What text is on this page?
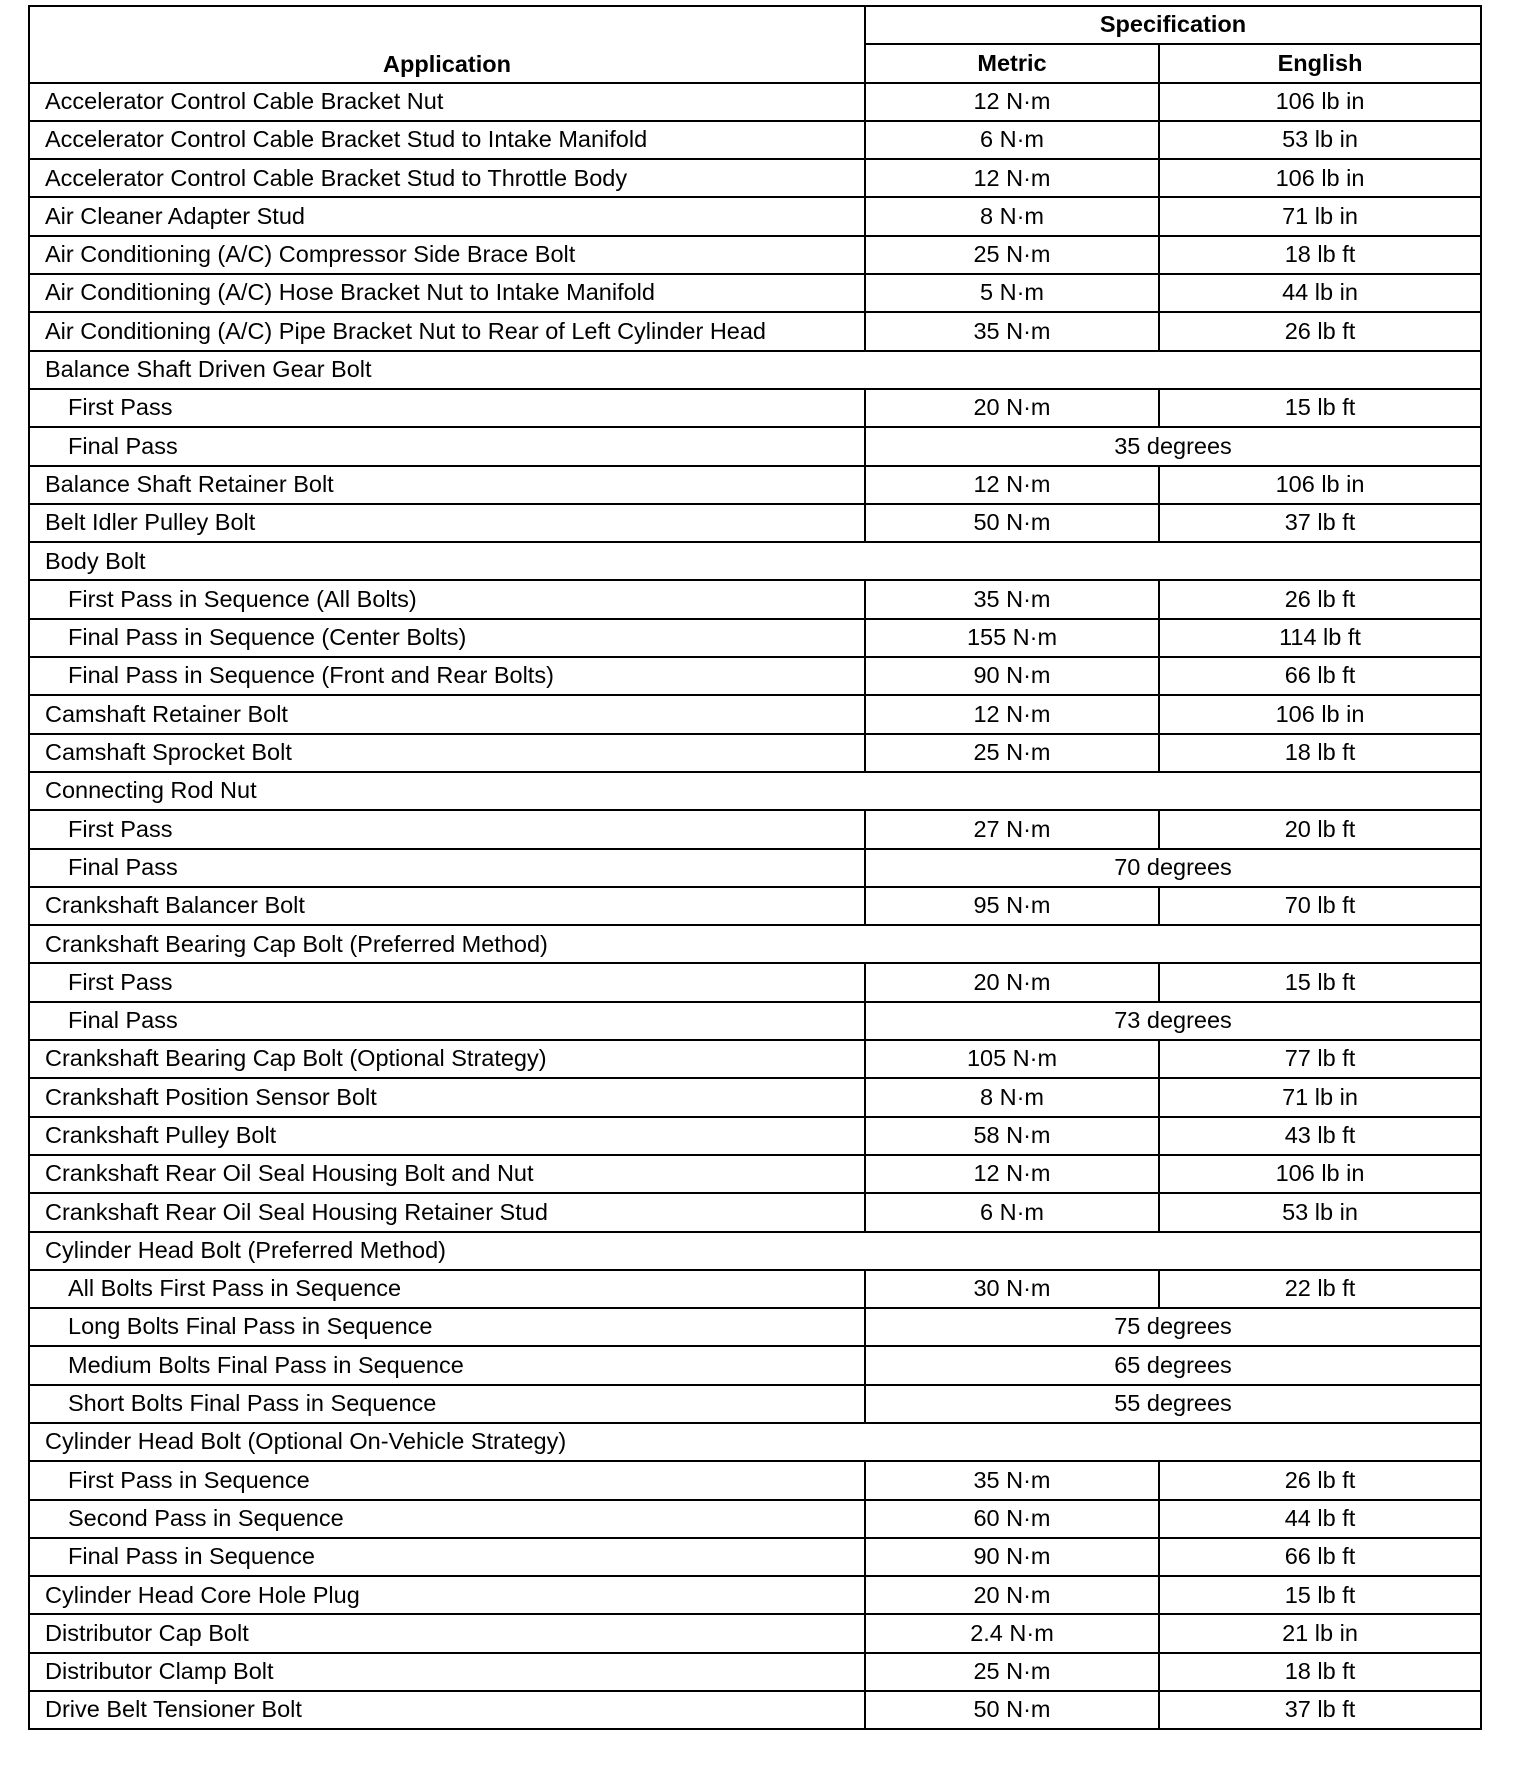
Application	Specification	
	Metric	English
Accelerator Control Cable Bracket Nut	12 N·m	106 lb in
Accelerator Control Cable Bracket Stud to Intake Manifold	6 N·m	53 lb in
Accelerator Control Cable Bracket Stud to Throttle Body	12 N·m	106 lb in
Air Cleaner Adapter Stud	8 N·m	71 lb in
Air Conditioning (A/C) Compressor Side Brace Bolt	25 N·m	18 lb ft
Air Conditioning (A/C) Hose Bracket Nut to Intake Manifold	5 N·m	44 lb in
Air Conditioning (A/C) Pipe Bracket Nut to Rear of Left Cylinder Head	35 N·m	26 lb ft
Balance Shaft Driven Gear Bolt		
First Pass	20 N·m	15 lb ft
Final Pass	35 degrees	
Balance Shaft Retainer Bolt	12 N·m	106 lb in
Belt Idler Pulley Bolt	50 N·m	37 lb ft
Body Bolt		
First Pass in Sequence (All Bolts)	35 N·m	26 lb ft
Final Pass in Sequence (Center Bolts)	155 N·m	114 lb ft
Final Pass in Sequence (Front and Rear Bolts)	90 N·m	66 lb ft
Camshaft Retainer Bolt	12 N·m	106 lb in
Camshaft Sprocket Bolt	25 N·m	18 lb ft
Connecting Rod Nut		
First Pass	27 N·m	20 lb ft
Final Pass	70 degrees	
Crankshaft Balancer Bolt	95 N·m	70 lb ft
Crankshaft Bearing Cap Bolt (Preferred Method)		
First Pass	20 N·m	15 lb ft
Final Pass	73 degrees	
Crankshaft Bearing Cap Bolt (Optional Strategy)	105 N·m	77 lb ft
Crankshaft Position Sensor Bolt	8 N·m	71 lb in
Crankshaft Pulley Bolt	58 N·m	43 lb ft
Crankshaft Rear Oil Seal Housing Bolt and Nut	12 N·m	106 lb in
Crankshaft Rear Oil Seal Housing Retainer Stud	6 N·m	53 lb in
Cylinder Head Bolt (Preferred Method)		
All Bolts First Pass in Sequence	30 N·m	22 lb ft
Long Bolts Final Pass in Sequence	75 degrees	
Medium Bolts Final Pass in Sequence	65 degrees	
Short Bolts Final Pass in Sequence	55 degrees	
Cylinder Head Bolt (Optional On-Vehicle Strategy)		
First Pass in Sequence	35 N·m	26 lb ft
Second Pass in Sequence	60 N·m	44 lb ft
Final Pass in Sequence	90 N·m	66 lb ft
Cylinder Head Core Hole Plug	20 N·m	15 lb ft
Distributor Cap Bolt	2.4 N·m	21 lb in
Distributor Clamp Bolt	25 N·m	18 lb ft
Drive Belt Tensioner Bolt	50 N·m	37 lb ft
